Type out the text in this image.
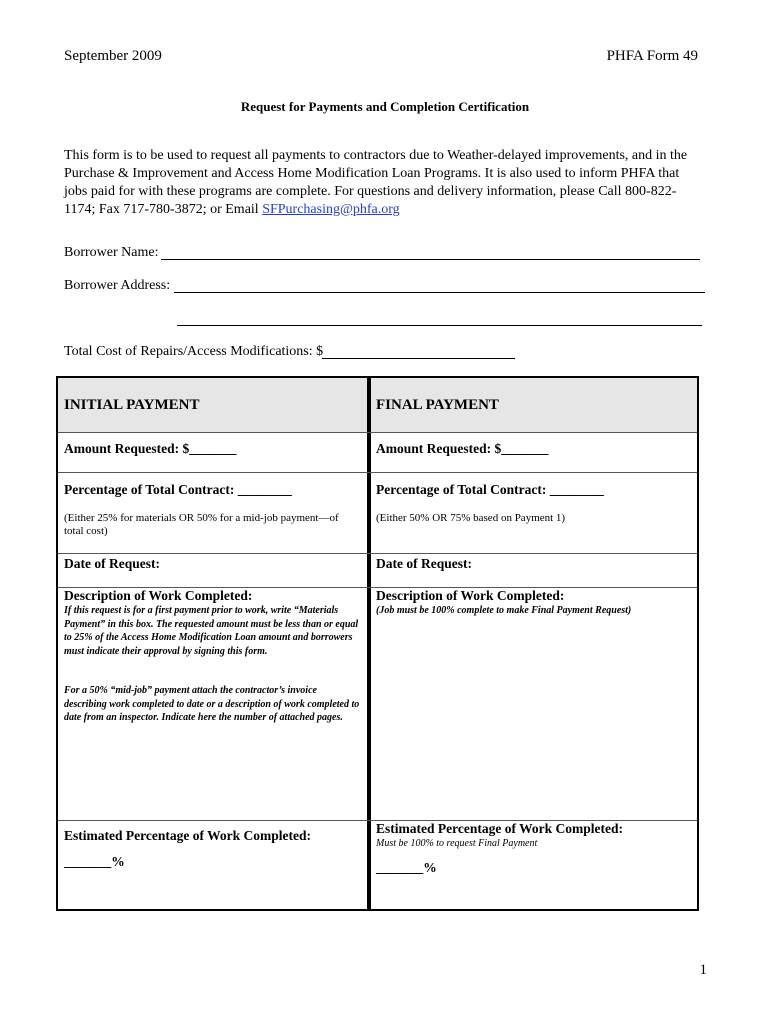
September 2009	PHFA Form 49
Request for Payments and Completion Certification
This form is to be used to request all payments to contractors due to Weather-delayed improvements, and in the Purchase & Improvement and Access Home Modification Loan Programs. It is also used to inform PHFA that jobs paid for with these programs are complete. For questions and delivery information, please Call 800-822-1174; Fax 717-780-3872; or Email SFPurchasing@phfa.org
Borrower Name:
Borrower Address:
Total Cost of Repairs/Access Modifications: $
INITIAL PAYMENT
Amount Requested: $_______
Percentage of Total Contract: ________
(Either 25% for materials OR 50% for a mid-job payment—of total cost)
Date of Request:
Description of Work Completed:
If this request is for a first payment prior to work, write “Materials Payment” in this box. The requested amount must be less than or equal to 25% of the Access Home Modification Loan amount and borrowers must indicate their approval by signing this form.
For a 50% “mid-job” payment attach the contractor’s invoice describing work completed to date or a description of work completed to date from an inspector. Indicate here the number of attached pages.
Estimated Percentage of Work Completed:
_______%
FINAL PAYMENT
Amount Requested: $_______
Percentage of Total Contract: ________
(Either 50% OR 75% based on Payment 1)
Date of Request:
Description of Work Completed:
(Job must be 100% complete to make Final Payment Request)
Estimated Percentage of Work Completed:
Must be 100% to request Final Payment
_______%
1
